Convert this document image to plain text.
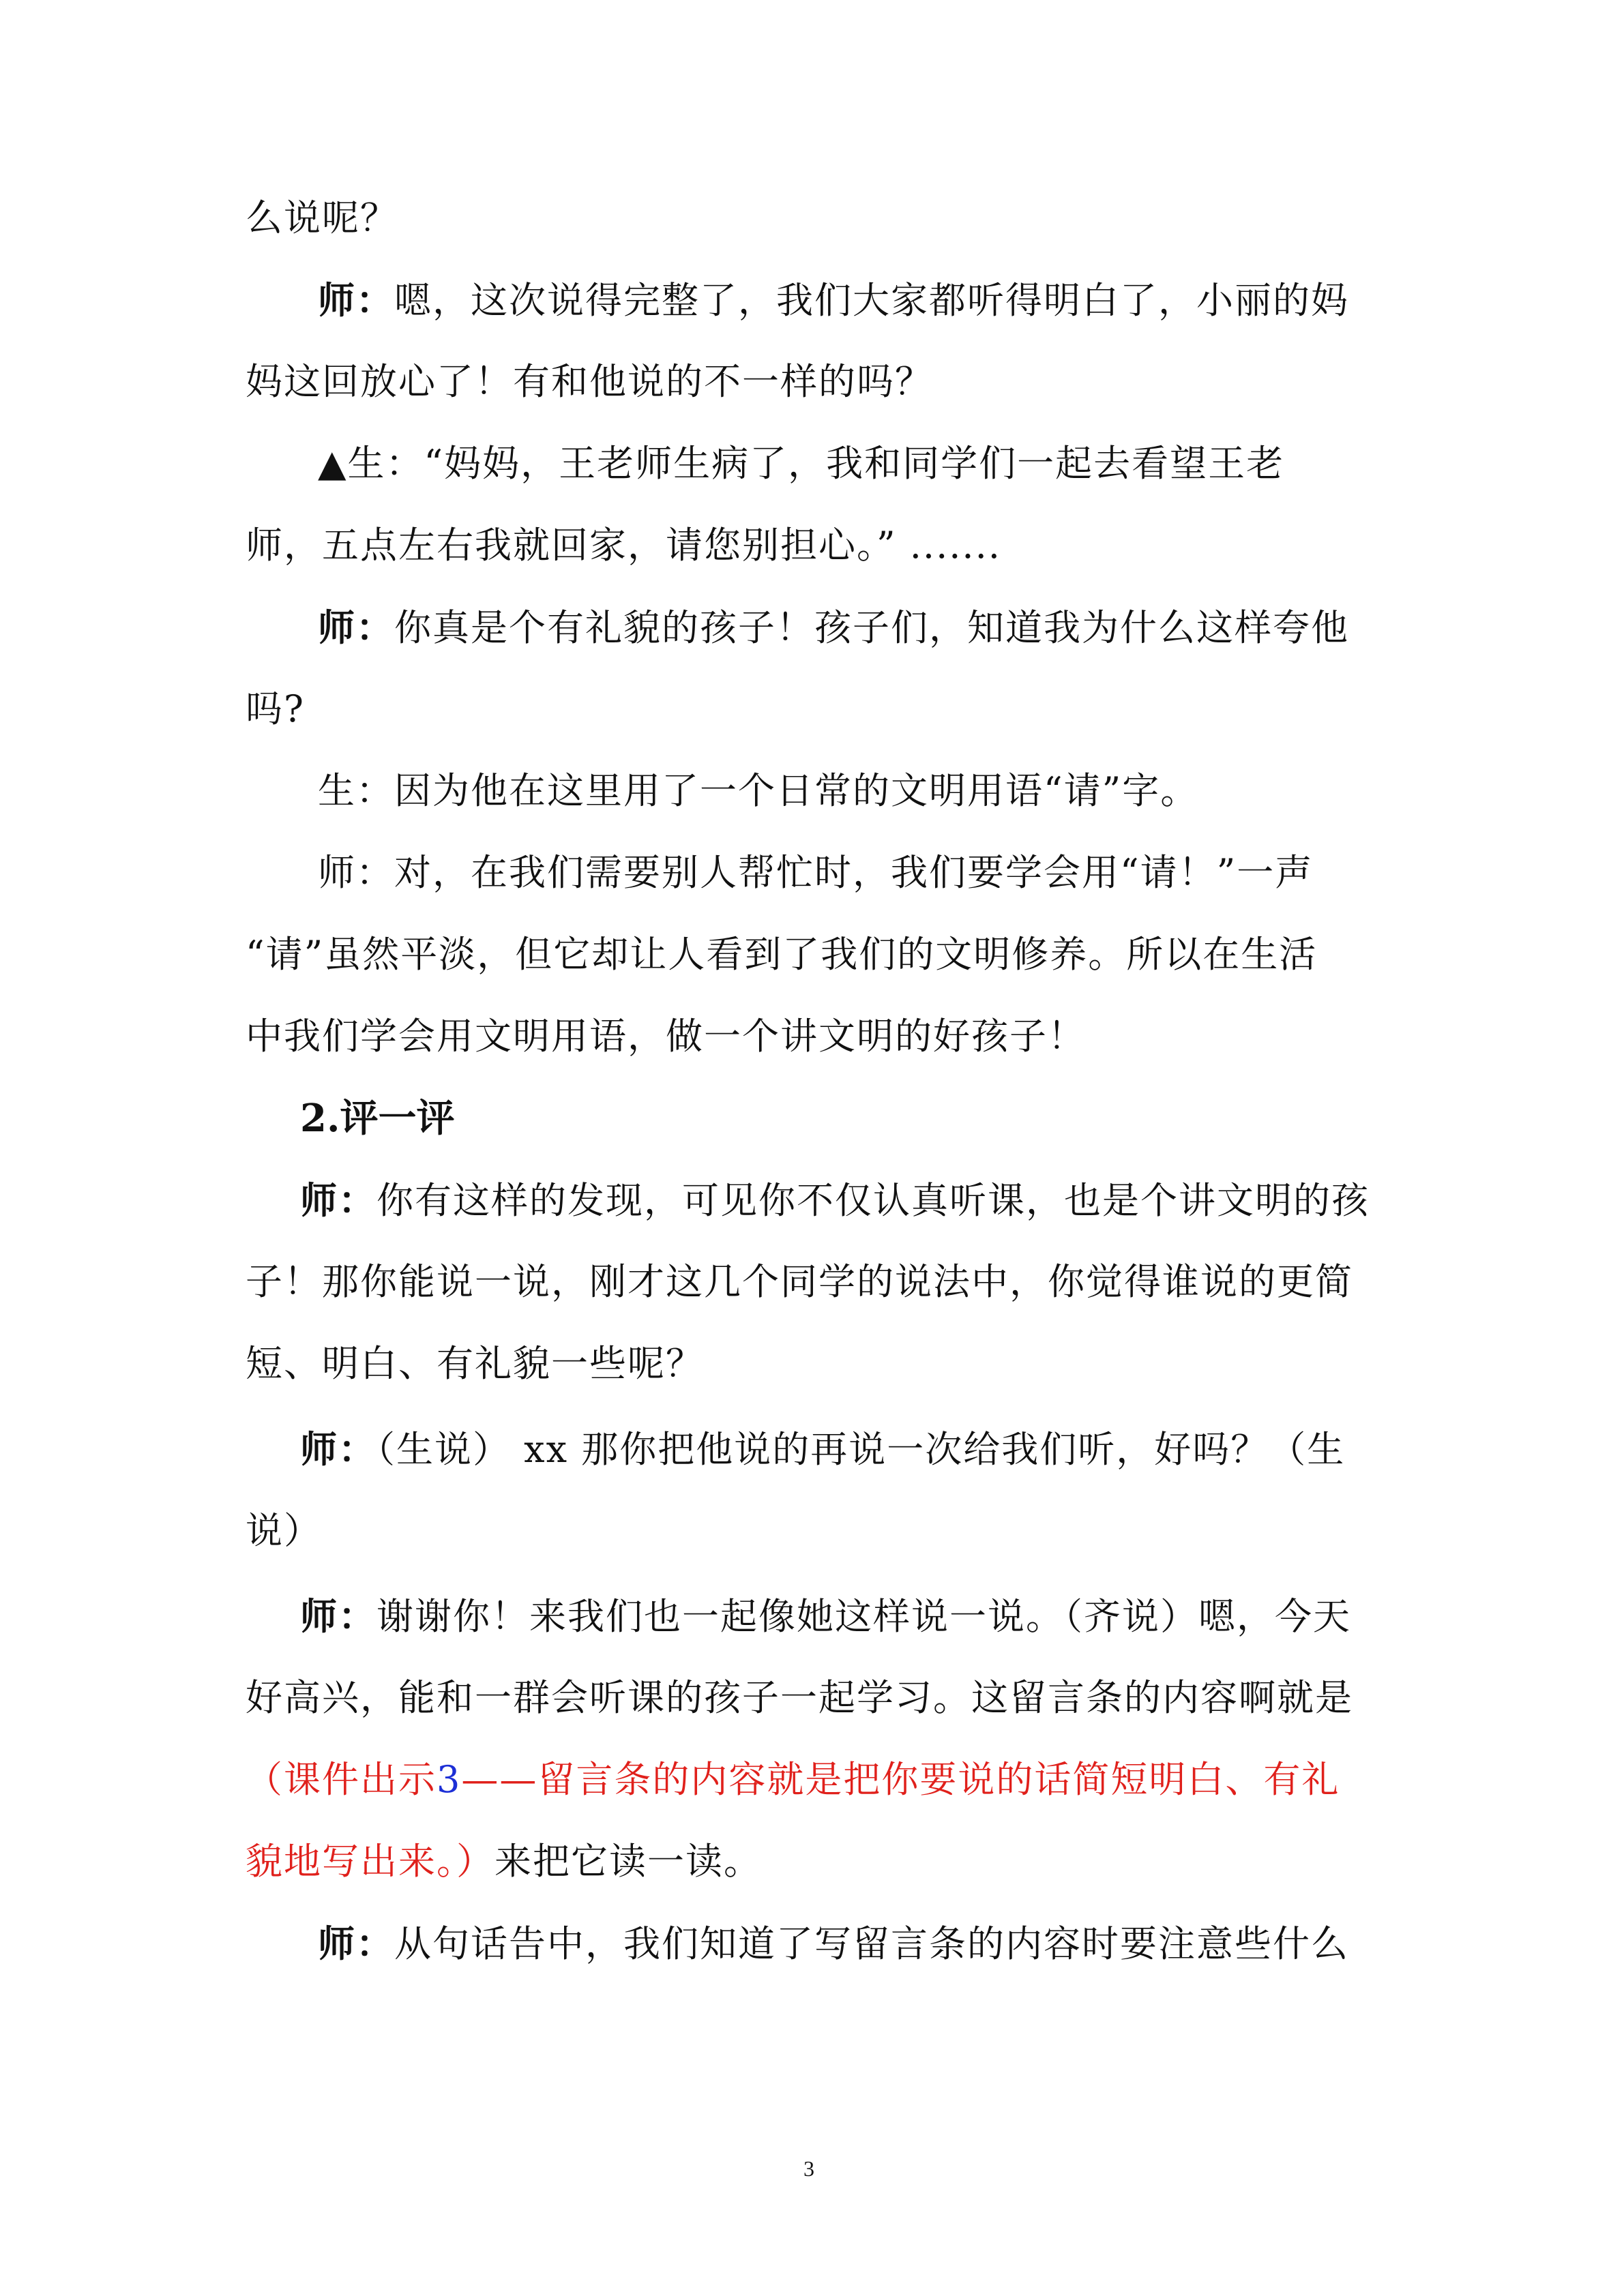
么说呢？
师：嗯，这次说得完整了，我们大家都听得明白了，小丽的妈
妈这回放心了！有和他说的不一样的吗？
▲生：“妈妈，王老师生病了，我和同学们一起去看望王老
师，五点左右我就回家，请您别担心。” .......
师：你真是个有礼貌的孩子！孩子们，知道我为什么这样夸他
吗?
生：因为他在这里用了一个日常的文明用语“请”字。
师：对，在我们需要别人帮忙时，我们要学会用“请！”一声
“请”虽然平淡，但它却让人看到了我们的文明修养。所以在生活
中我们学会用文明用语，做一个讲文明的好孩子！
2.评一评
师：你有这样的发现，可见你不仅认真听课，也是个讲文明的孩
子！那你能说一说，刚才这几个同学的说法中，你觉得谁说的更简
短、明白、有礼貌一些呢？
师：（生说） xx 那你把他说的再说一次给我们听，好吗？（生
说）
师：谢谢你！来我们也一起像她这样说一说。（齐说）嗯，今天
好高兴，能和一群会听课的孩子一起学习。这留言条的内容啊就是
（课件出示3——留言条的内容就是把你要说的话简短明白、有礼
貌地写出来。）来把它读一读。
师：从句话告中，我们知道了写留言条的内容时要注意些什么
3
